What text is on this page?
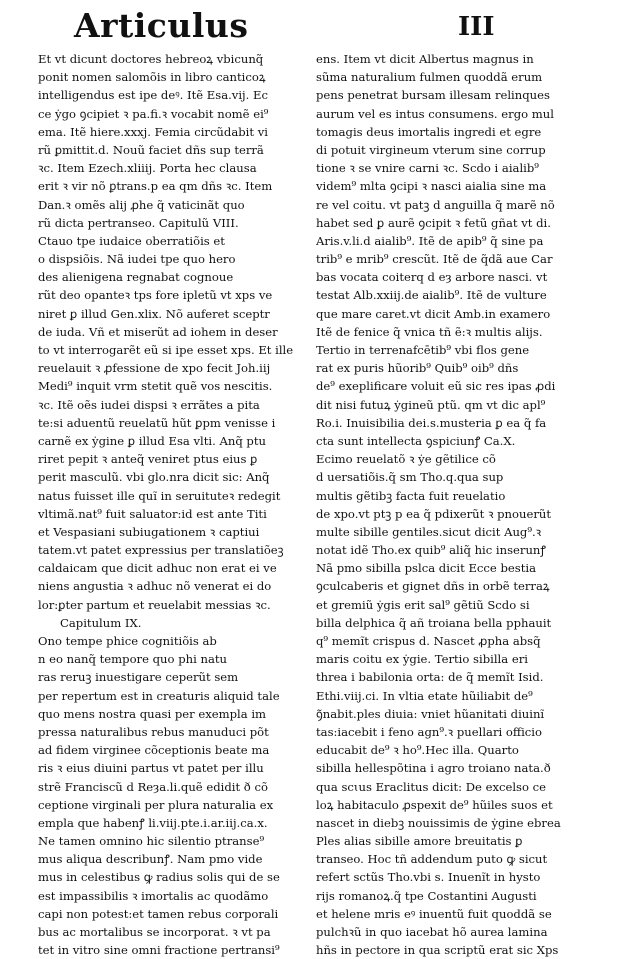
Articulus	III
Et vt dicunt doctores hebreoꝝ vbicunq̃
ponit nomen salomõis in libro canticoꝝ
intelligendus est ipe deꝰ. Itẽ Esa.vij. Ec
ce ẏgo ꝯcipiet ꝛ pa.fi.ꝛ vocabit nomẽ ei⁹
ema. Itẽ hiere.xxxj. Femia circũdabit vi
rũ ꝑmittit.d. Nouũ faciet dñs sup terrã
ꝛc. Item Ezech.xliiij. Porta hec clausa
erit ꝛ vir nõ ꝑtrans.p ea qm dñs ꝛc. Item
Dan.ꝛ omẽs alij ꝓhe q̃ vaticinãt quo
rũ dicta pertranseo. Capitulũ VIII.
Ctauo tpe iudaice oberratiõis et
o dispsiõis. Nã iudei tpe quo hero
des alienigena regnabat cognoue
rũt deo opanteꝛ tps fore ipletũ vt xps ve
niret ꝑ illud Gen.xlix. Nõ auferet sceptr
de iuda. Vñ et miserũt ad iohem in deser
to vt interrogarẽt eũ si ipe esset xps. Et ille
reuelauit ꝛ ꝓfessione de xpo fecit Joh.iij
Medi⁹ inquit vrm stetit quẽ vos nescitis.
ꝛc. Itẽ oẽs iudei dispsi ꝛ errãtes a pita
te:si aduentũ reuelatũ hũt ꝑpm venisse i
carnẽ ex ẏgine ꝑ illud Esa vlti. Anq̃ ptu
riret pepit ꝛ anteq̃ veniret ptus eius ꝑ
perit masculũ. vbi glo.nra dicit sic: Anq̃
natus fuisset ille quĩ in seruituteꝛ redegit
vltimã.nat⁹ fuit saluator:id est ante Titi
et Vespasiani subiugationem ꝛ captiui
tatem.vt patet expressius per translatiõeꝫ
caldaicam que dicit adhuc non erat ei ve
niens angustia ꝛ adhuc nõ venerat ei do
lor:ꝑter partum et reuelabit messias ꝛc.
Capitulum IX.
Ono tempe phice cognitiõis ab
n eo nanq̃ tempore quo phi natu
ras reruꝫ inuestigare ceperũt sem
per repertum est in creaturis aliquid tale
quo mens nostra quasi per exempla im
pressa naturalibus rebus manuduci põt
ad fidem virginee cõceptionis beate ma
ris ꝛ eius diuini partus vt patet per illu
strẽ Franciscũ d Reȝa.li.quẽ edidit ð cõ
ceptione virginali per plura naturalia ex
empla que habenꝭ li.viij.pte.i.ar.iij.ca.x.
Ne tamen omnino hic silentio ptranse⁹
mus aliqua describunꝭ. Nam pmo vide
mus in celestibus ꝙ radius solis qui de se
est impassibilis ꝛ imortalis ac quodãmo
capi non potest:et tamen rebus corporali
bus ac mortalibus se incorporat. ꝛ vt pa
tet in vitro sine omni fractione pertransi⁹
ens. Item vt dicit Albertus magnus in
sũma naturalium fulmen quoddã erum
pens penetrat bursam illesam relinques
aurum vel es intus consumens. ergo mul
tomagis deus imortalis ingredi et egre
di potuit virgineum vterum sine corrup
tione ꝛ se vnire carni ꝛc. Scdo i aialib⁹
videm⁹ mlta ꝯcipi ꝛ nasci aialia sine ma
re vel coitu. vt patꝫ d anguilla q̃ marẽ nõ
habet sed ꝑ aurẽ ꝯcipit ꝛ fetũ gñat vt di.
Aris.v.li.d aialib⁹. Itẽ de apib⁹ q̃ sine pa
trib⁹ e mrib⁹ crescũt. Itẽ de q̃dã aue Car
bas vocata coiterq d eȝ arbore nasci. vt
testat Alb.xxiij.de aialib⁹. Itẽ de vulture
que mare caret.vt dicit Amb.in examero
Itẽ de fenice q̃ vnica tñ ẽ:ꝛ multis alijs.
Tertio in terrenafcētib⁹ vbi flos gene
rat ex puris hũorib⁹ Quib⁹ oib⁹ dñs
de⁹ exeplificare voluit eũ sic res ipas ꝓdi
dit nisi futuꝝ ẏgineũ ptũ. qm vt dic apl⁹
Ro.i. Inuisibilia dei.s.musteria ꝑ ea q̃ fa
cta sunt intellecta ꝯspiciunꝭ Ca.X.
Ecimo reuelatõ ꝛ ẏe gẽtilice cõ
d uersatiõis.q̃ sm Tho.q.qua sup
multis gẽtibꝫ facta fuit reuelatio
de xpo.vt ptꝫ p ea q̃ pdixerũt ꝛ pnouerũt
multe sibille gentiles.sicut dicit Aug⁹.ꝛ
notat idẽ Tho.ex quib⁹ aliq̃ hic inserunꝭ
Nã pmo sibilla pslca dicit Ecce bestia
ꝯculcaberis et gignet dñs in orbẽ terraꝝ
et gremiũ ẏgis erit sal⁹ gẽtiũ Scdo si
billa delphica q̃ añ troiana bella pphauit
q⁹ memĩt crispus d. Nascet ꝓpha absq̃
maris coitu ex ẏgie. Tertio sibilla eri
threa i babilonia orta: de q̃ memĩt Isid.
Ethi.viij.ci. In vltia etate hũiliabit de⁹
ꝯ̃nabit.ples diuia: vniet hũanitati diuinĩ
tas:iacebit i feno agn⁹.ꝛ puellari officio
educabit de⁹ ꝛ ho⁹.Hec illa. Quarto
sibilla hellespõtina i agro troiano nata.ð
qua scɩus Eraclitus dicit: De excelso ce
loꝝ habitaculo ꝓspexit de⁹ hũiles suos et
nascet in diebꝫ nouissimis de ẏgine ebrea
Ples alias sibille amore breuitatis ꝑ
transeo. Hoc tñ addendum puto ꝙ sicut
refert sctũs Tho.vbi s. Inuenĩt in hysto
rijs romanoꝝ.q̃ tpe Costantini Augusti
et helene mris eꝰ inuentũ fuit quoddã se
pulchꝛũ in quo iacebat hõ aurea lamina
hñs in pectore in qua scriptũ erat sic Xps
